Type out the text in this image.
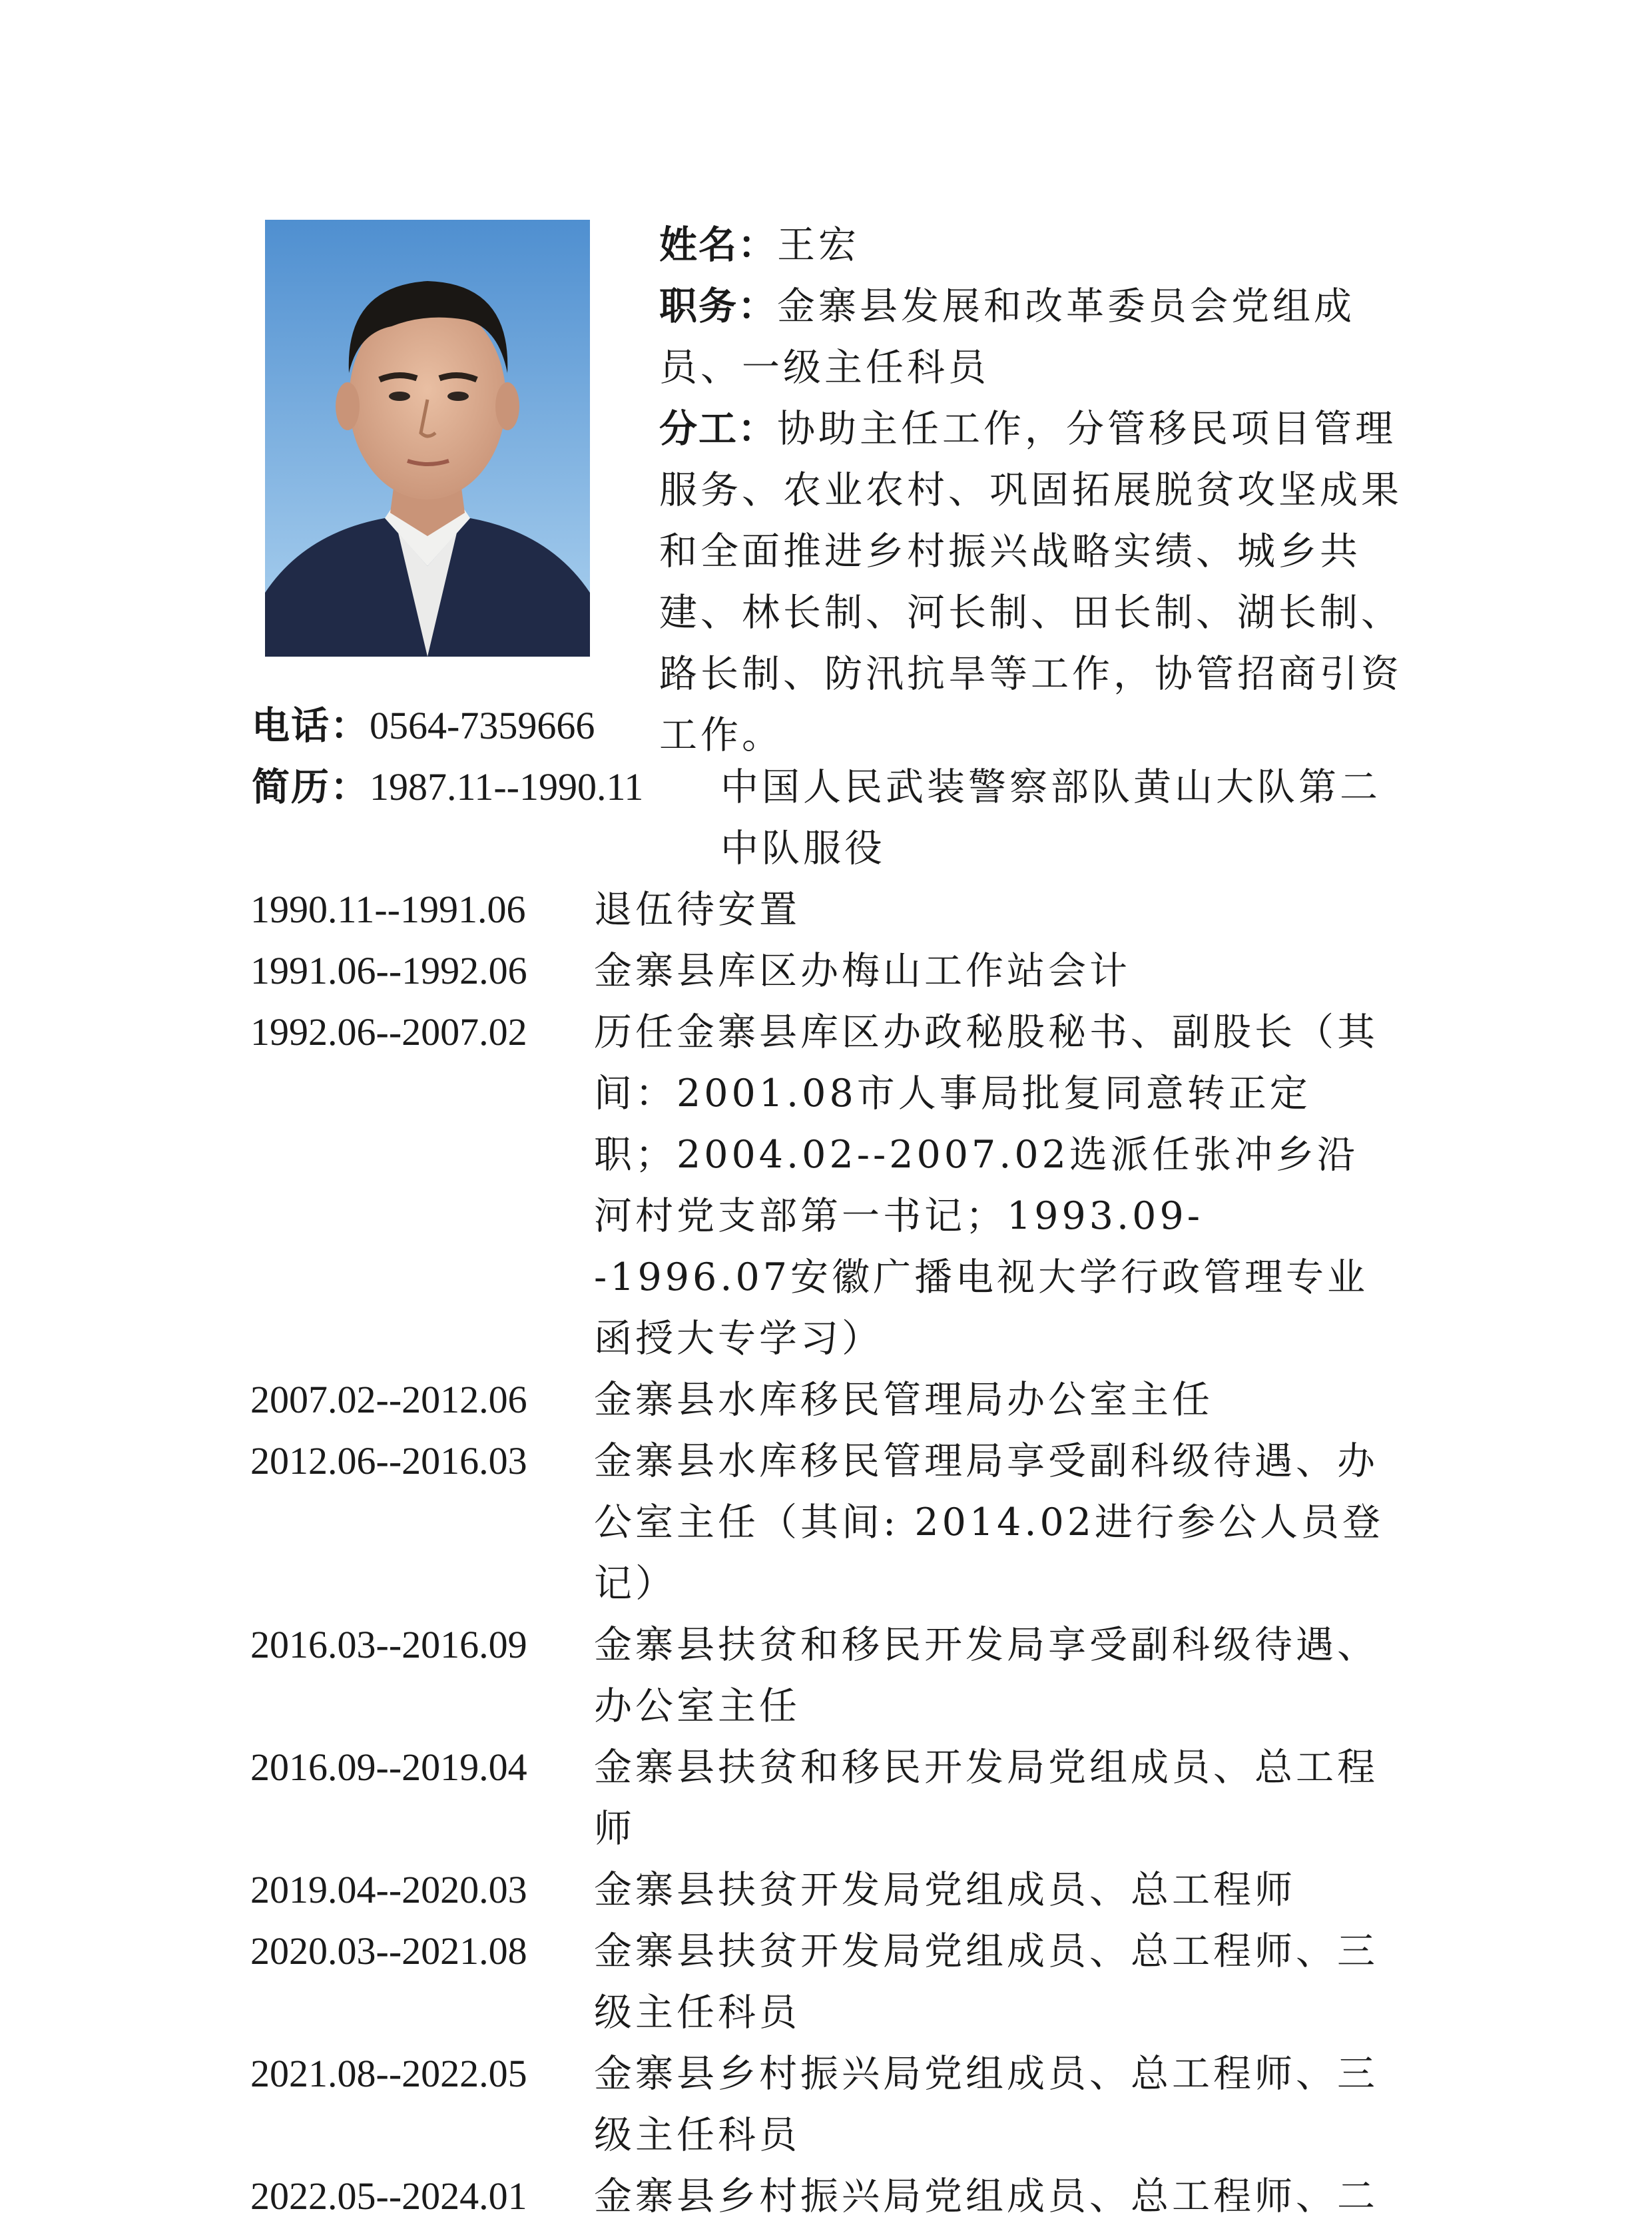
姓名：王宏
职务：金寨县发展和改革委员会党组成员、一级主任科员
分工：协助主任工作，分管移民项目管理服务、农业农村、巩固拓展脱贫攻坚成果和全面推进乡村振兴战略实绩、城乡共建、林长制、河长制、田长制、湖长制、路长制、防汛抗旱等工作，协管招商引资工作。
电话：0564-7359666
简历：1987.11--1990.11 中国人民武装警察部队黄山大队第二中队服役
1990.11--1991.06	退伍待安置
1991.06--1992.06	金寨县库区办梅山工作站会计
1992.06--2007.02	历任金寨县库区办政秘股秘书、副股长（其间：2001.08市人事局批复同意转正定职；2004.02--2007.02选派任张冲乡沿河村党支部第一书记；1993.09--1996.07安徽广播电视大学行政管理专业函授大专学习）
2007.02--2012.06	金寨县水库移民管理局办公室主任
2012.06--2016.03	金寨县水库移民管理局享受副科级待遇、办公室主任（其间: 2014.02进行参公人员登记）
2016.03--2016.09	金寨县扶贫和移民开发局享受副科级待遇、办公室主任
2016.09--2019.04	金寨县扶贫和移民开发局党组成员、总工程师
2019.04--2020.03	金寨县扶贫开发局党组成员、总工程师
2020.03--2021.08	金寨县扶贫开发局党组成员、总工程师、三级主任科员
2021.08--2022.05	金寨县乡村振兴局党组成员、总工程师、三级主任科员
2022.05--2024.01	金寨县乡村振兴局党组成员、总工程师、二
